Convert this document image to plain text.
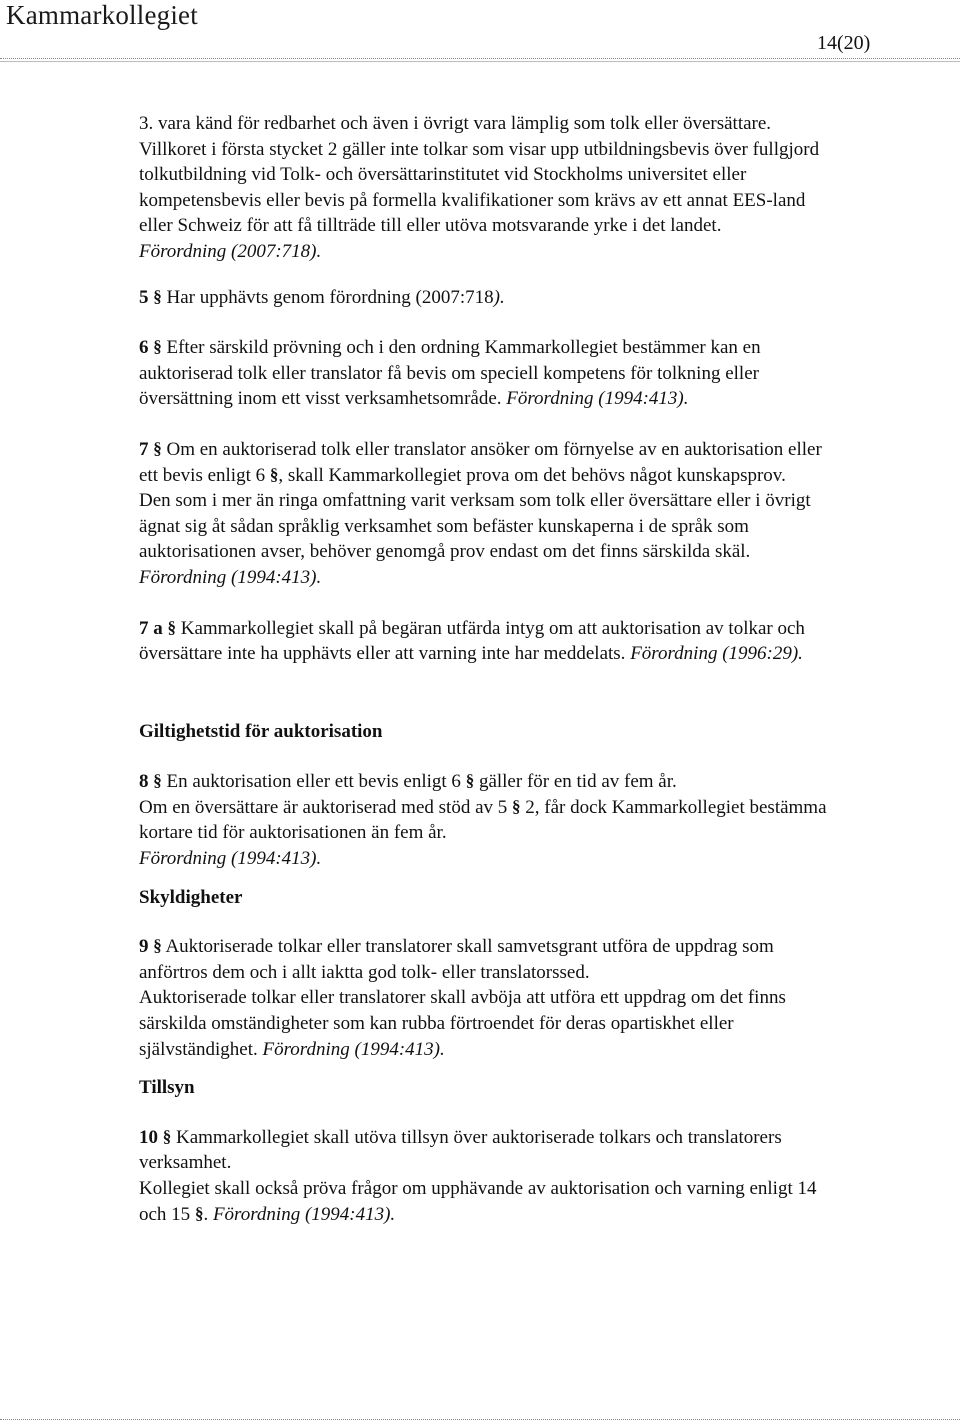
Kammarkollegiet
14(20)

3. vara känd för redbarhet och även i övrigt vara lämplig som tolk eller översättare.

Villkoret i första stycket 2 gäller inte tolkar som visar upp utbildningsbevis över fullgjord tolkutbildning vid Tolk- och översättarinstitutet vid Stockholms universitet eller kompetensbevis eller bevis på formella kvalifikationer som krävs av ett annat EES-land eller Schweiz för att få tillträde till eller utöva motsvarande yrke i det landet.
Förordning (2007:718).

5 § Har upphävts genom förordning (2007:718).

6 § Efter särskild prövning och i den ordning Kammarkollegiet bestämmer kan en auktoriserad tolk eller translator få bevis om speciell kompetens för tolkning eller översättning inom ett visst verksamhetsområde. Förordning (1994:413).

7 § Om en auktoriserad tolk eller translator ansöker om förnyelse av en auktorisation eller ett bevis enligt 6 §, skall Kammarkollegiet prova om det behövs något kunskapsprov.
Den som i mer än ringa omfattning varit verksam som tolk eller översättare eller i övrigt ägnat sig åt sådan språklig verksamhet som befäster kunskaperna i de språk som auktorisationen avser, behöver genomgå prov endast om det finns särskilda skäl. Förordning (1994:413).

7 a § Kammarkollegiet skall på begäran utfärda intyg om att auktorisation av tolkar och översättare inte ha upphävts eller att varning inte har meddelats. Förordning (1996:29).

Giltighetstid för auktorisation

8 § En auktorisation eller ett bevis enligt 6 § gäller för en tid av fem år.
Om en översättare är auktoriserad med stöd av 5 § 2, får dock Kammarkollegiet bestämma kortare tid för auktorisationen än fem år.
Förordning (1994:413).

Skyldigheter

9 § Auktoriserade tolkar eller translatorer skall samvetsgrant utföra de uppdrag som anförtros dem och i allt iaktta god tolk- eller translatorssed.
Auktoriserade tolkar eller translatorer skall avböja att utföra ett uppdrag om det finns särskilda omständigheter som kan rubba förtroendet för deras opartiskhet eller självständighet. Förordning (1994:413).

Tillsyn

10 § Kammarkollegiet skall utöva tillsyn över auktoriserade tolkars och translatorers verksamhet.
Kollegiet skall också pröva frågor om upphävande av auktorisation och varning enligt 14 och 15 §. Förordning (1994:413).
